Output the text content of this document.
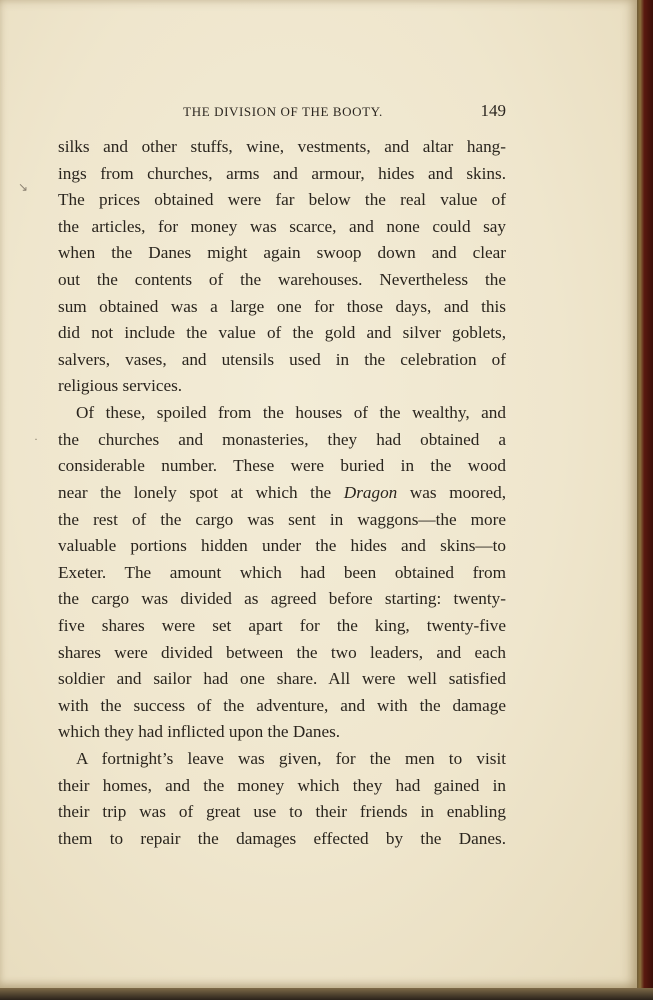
THE DIVISION OF THE BOOTY.	149
↘
·
silks and other stuffs, wine, vestments, and altar hang-
ings from churches, arms and armour, hides and skins.
The prices obtained were far below the real value of
the articles, for money was scarce, and none could say
when the Danes might again swoop down and clear
out the contents of the warehouses. Nevertheless the
sum obtained was a large one for those days, and this
did not include the value of the gold and silver goblets,
salvers, vases, and utensils used in the celebration of
religious services.
Of these, spoiled from the houses of the wealthy, and
the churches and monasteries, they had obtained a
considerable number. These were buried in the wood
near the lonely spot at which the Dragon was moored,
the rest of the cargo was sent in waggons—the more
valuable portions hidden under the hides and skins—to
Exeter. The amount which had been obtained from
the cargo was divided as agreed before starting: twenty-
five shares were set apart for the king, twenty-five
shares were divided between the two leaders, and each
soldier and sailor had one share. All were well satisfied
with the success of the adventure, and with the damage
which they had inflicted upon the Danes.
A fortnight’s leave was given, for the men to visit
their homes, and the money which they had gained in
their trip was of great use to their friends in enabling
them to repair the damages effected by the Danes.
